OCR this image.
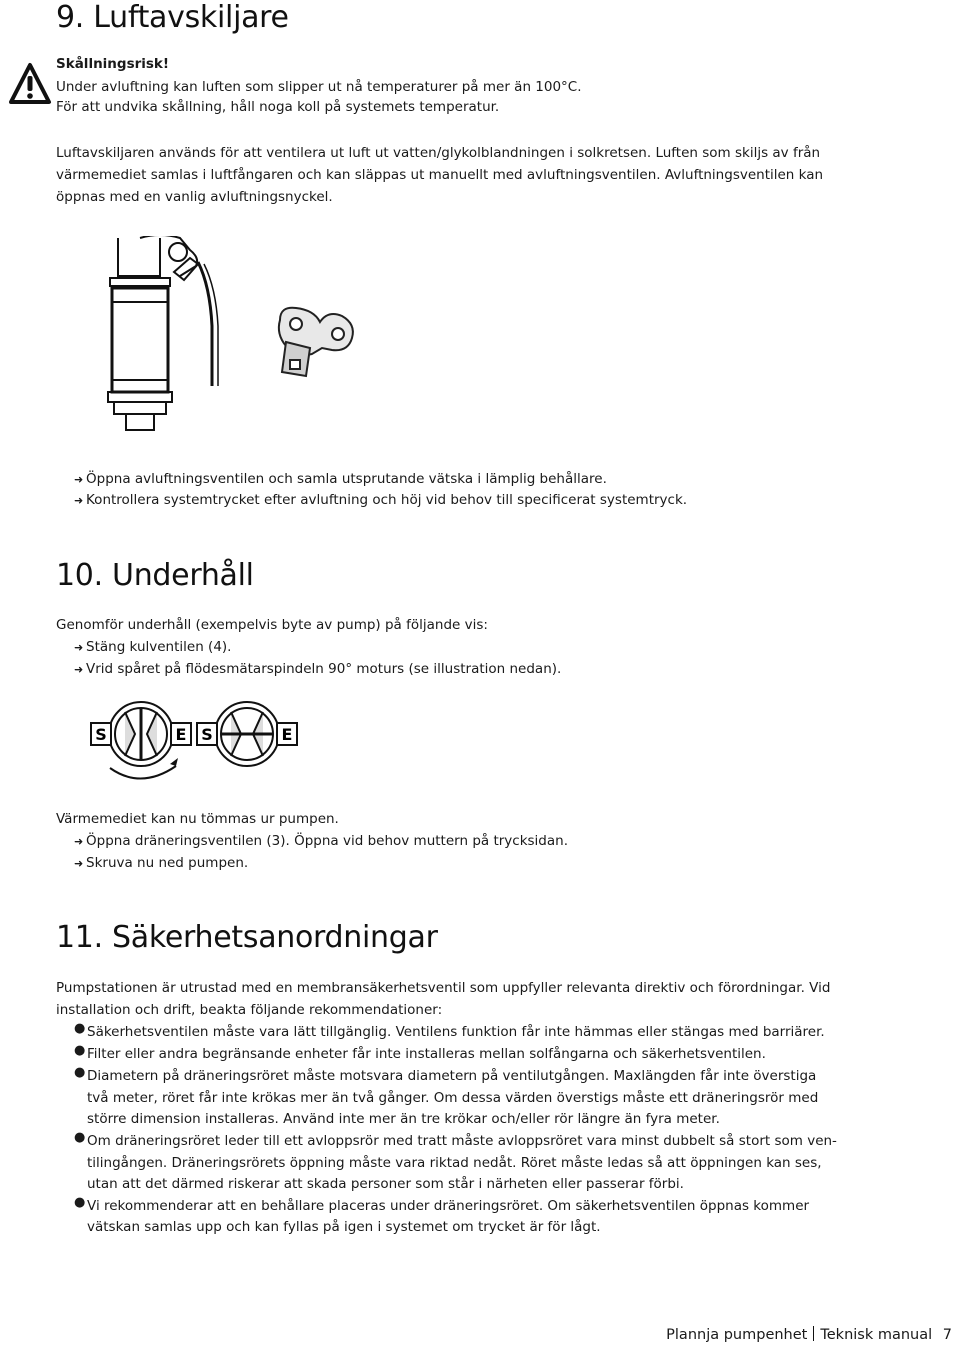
9. Luftavskiljare

Skållningsrisk!

Under avluftning kan luften som slipper ut nå temperaturer på mer än 100°C.

För att undvika skållning, håll noga koll på systemets temperatur.

Luftavskiljaren används för att ventilera ut luft ut vatten/glykolblandningen i solkretsen. Luften som skiljs av från

värmemediet samlas i luftfångaren och kan släppas ut manuellt med avluftningsventilen. Avluftningsventilen kan

öppnas med en vanlig avluftningsnyckel.

➜ Öppna avluftningsventilen och samla utsprutande vätska i lämplig behållare.

➜ Kontrollera systemtrycket efter avluftning och höj vid behov till specificerat systemtryck.

10. Underhåll

Genomför underhåll (exempelvis byte av pump) på följande vis:

➜ Stäng kulventilen (4).

➜ Vrid spåret på flödesmätarspindeln 90° moturs (se illustration nedan).

S	E S	E

Värmemediet kan nu tömmas ur pumpen.

➜ Öppna dräneringsventilen (3). Öppna vid behov muttern på trycksidan.

➜ Skruva nu ned pumpen.

11. Säkerhetsanordningar

Pumpstationen är utrustad med en membransäkerhetsventil som uppfyller relevanta direktiv och förordningar. Vid

installation och drift, beakta följande rekommendationer:

● Säkerhetsventilen måste vara lätt tillgänglig. Ventilens funktion får inte hämmas eller stängas med barriärer.

● Filter eller andra begränsande enheter får inte installeras mellan solfångarna och säkerhetsventilen.

● Diametern på dräneringsröret måste motsvara diametern på ventilutgången. Maxlängden får inte överstiga

två meter, röret får inte krökas mer än två gånger. Om dessa värden överstigs måste ett dräneringsrör med

större dimension installeras. Använd inte mer än tre krökar och/eller rör längre än fyra meter.

● Om dräneringsröret leder till ett avloppsrör med tratt måste avloppsröret vara minst dubbelt så stort som ven-

tilingången. Dräneringsrörets öppning måste vara riktad nedåt. Röret måste ledas så att öppningen kan ses,

utan att det därmed riskerar att skada personer som står i närheten eller passerar förbi.

● Vi rekommenderar att en behållare placeras under dräneringsröret. Om säkerhetsventilen öppnas kommer

vätskan samlas upp och kan fyllas på igen i systemet om trycket är för lågt.

Plannja pumpenhet Teknisk manual 7
